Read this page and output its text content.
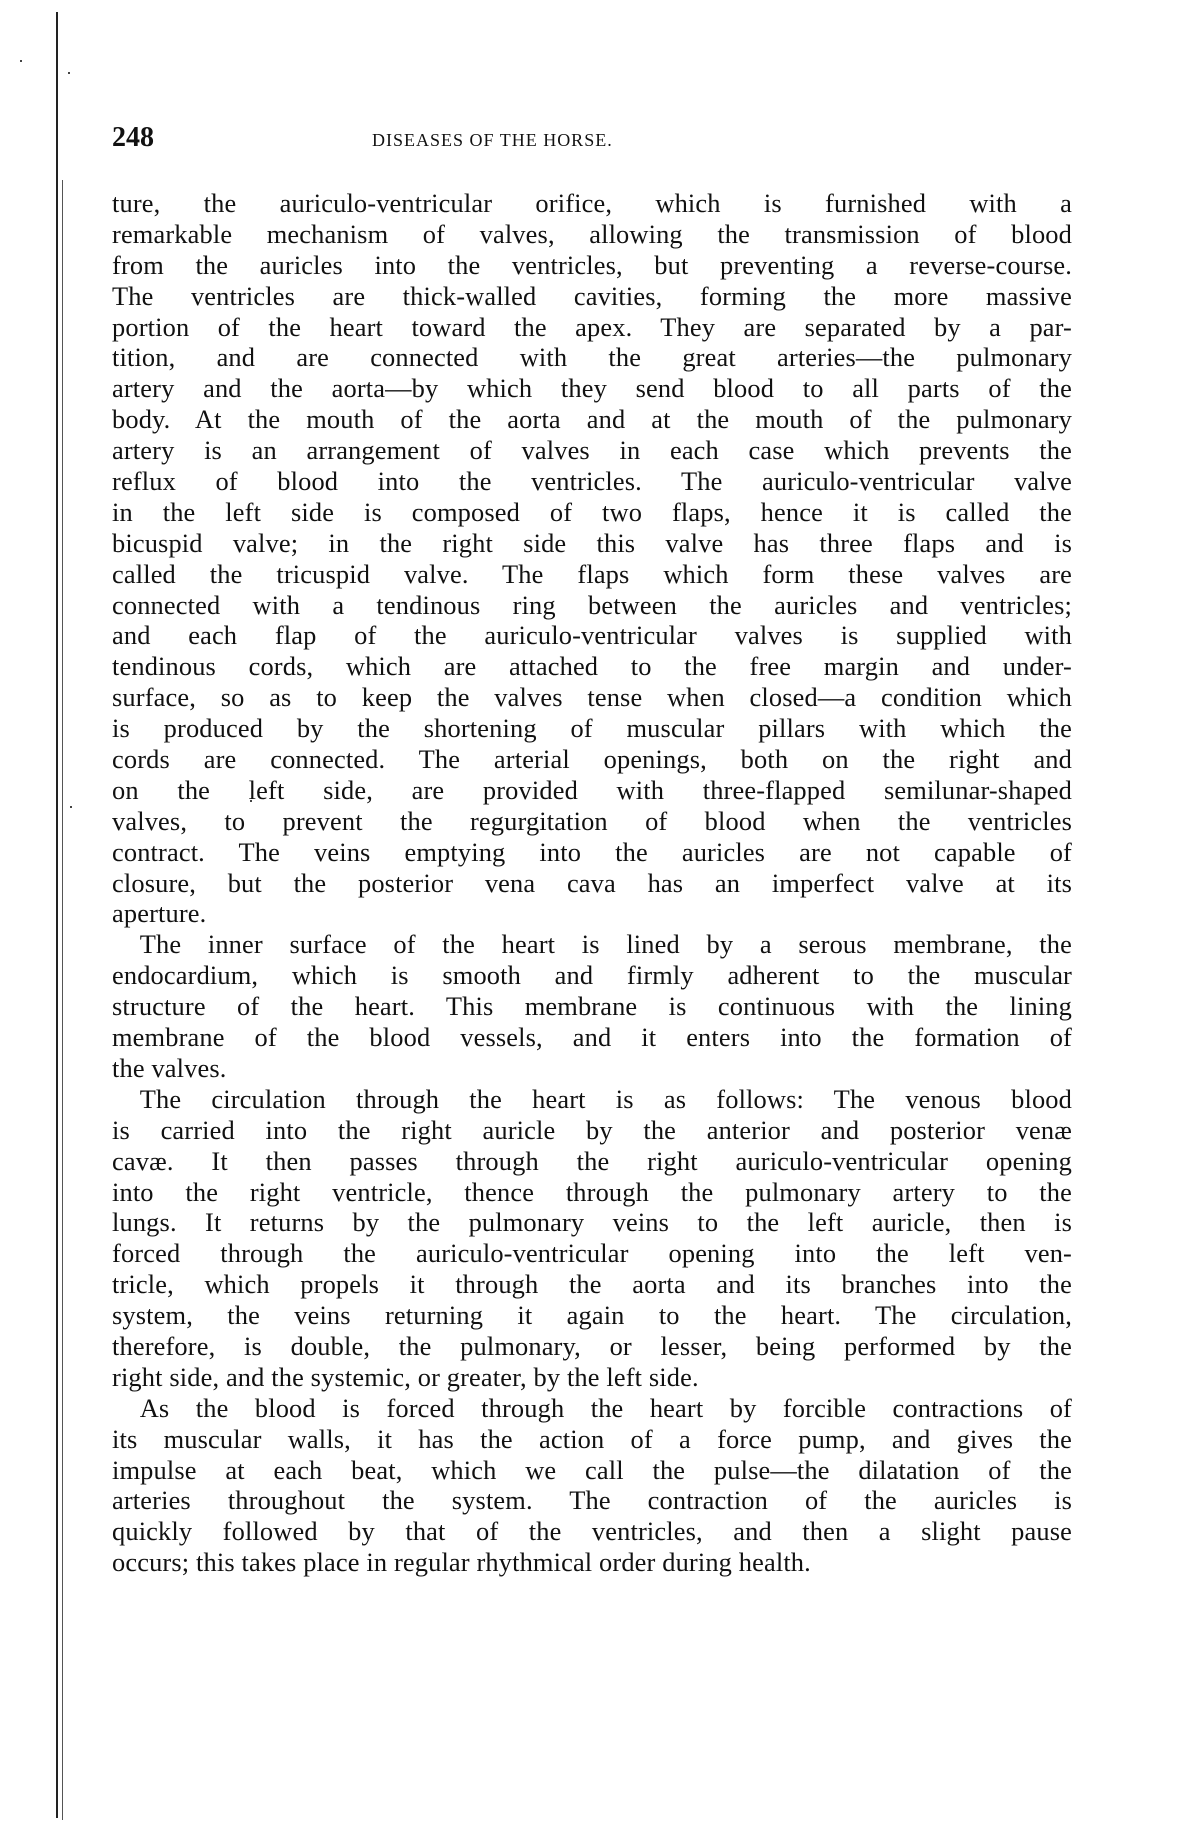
248	DISEASES OF THE HORSE.
ture, the auriculo-ventricular orifice, which is furnished with a
remarkable mechanism of valves, allowing the transmission of blood
from the auricles into the ventricles, but preventing a reverse-course.
The ventricles are thick-walled cavities, forming the more massive
portion of the heart toward the apex. They are separated by a par-
tition, and are connected with the great arteries—the pulmonary
artery and the aorta—by which they send blood to all parts of the
body. At the mouth of the aorta and at the mouth of the pulmonary
artery is an arrangement of valves in each case which prevents the
reflux of blood into the ventricles. The auriculo-ventricular valve
in the left side is composed of two flaps, hence it is called the
bicuspid valve; in the right side this valve has three flaps and is
called the tricuspid valve. The flaps which form these valves are
connected with a tendinous ring between the auricles and ventricles;
and each flap of the auriculo-ventricular valves is supplied with
tendinous cords, which are attached to the free margin and under-
surface, so as to keep the valves tense when closed—a condition which
is produced by the shortening of muscular pillars with which the
cords are connected. The arterial openings, both on the right and
on the left side, are provided with three-flapped semilunar-shaped
valves, to prevent the regurgitation of blood when the ventricles
contract. The veins emptying into the auricles are not capable of
closure, but the posterior vena cava has an imperfect valve at its
aperture.
The inner surface of the heart is lined by a serous membrane, the
endocardium, which is smooth and firmly adherent to the muscular
structure of the heart. This membrane is continuous with the lining
membrane of the blood vessels, and it enters into the formation of
the valves.
The circulation through the heart is as follows: The venous blood
is carried into the right auricle by the anterior and posterior venæ
cavæ. It then passes through the right auriculo-ventricular opening
into the right ventricle, thence through the pulmonary artery to the
lungs. It returns by the pulmonary veins to the left auricle, then is
forced through the auriculo-ventricular opening into the left ven-
tricle, which propels it through the aorta and its branches into the
system, the veins returning it again to the heart. The circulation,
therefore, is double, the pulmonary, or lesser, being performed by the
right side, and the systemic, or greater, by the left side.
As the blood is forced through the heart by forcible contractions of
its muscular walls, it has the action of a force pump, and gives the
impulse at each beat, which we call the pulse—the dilatation of the
arteries throughout the system. The contraction of the auricles is
quickly followed by that of the ventricles, and then a slight pause
occurs; this takes place in regular rhythmical order during health.
